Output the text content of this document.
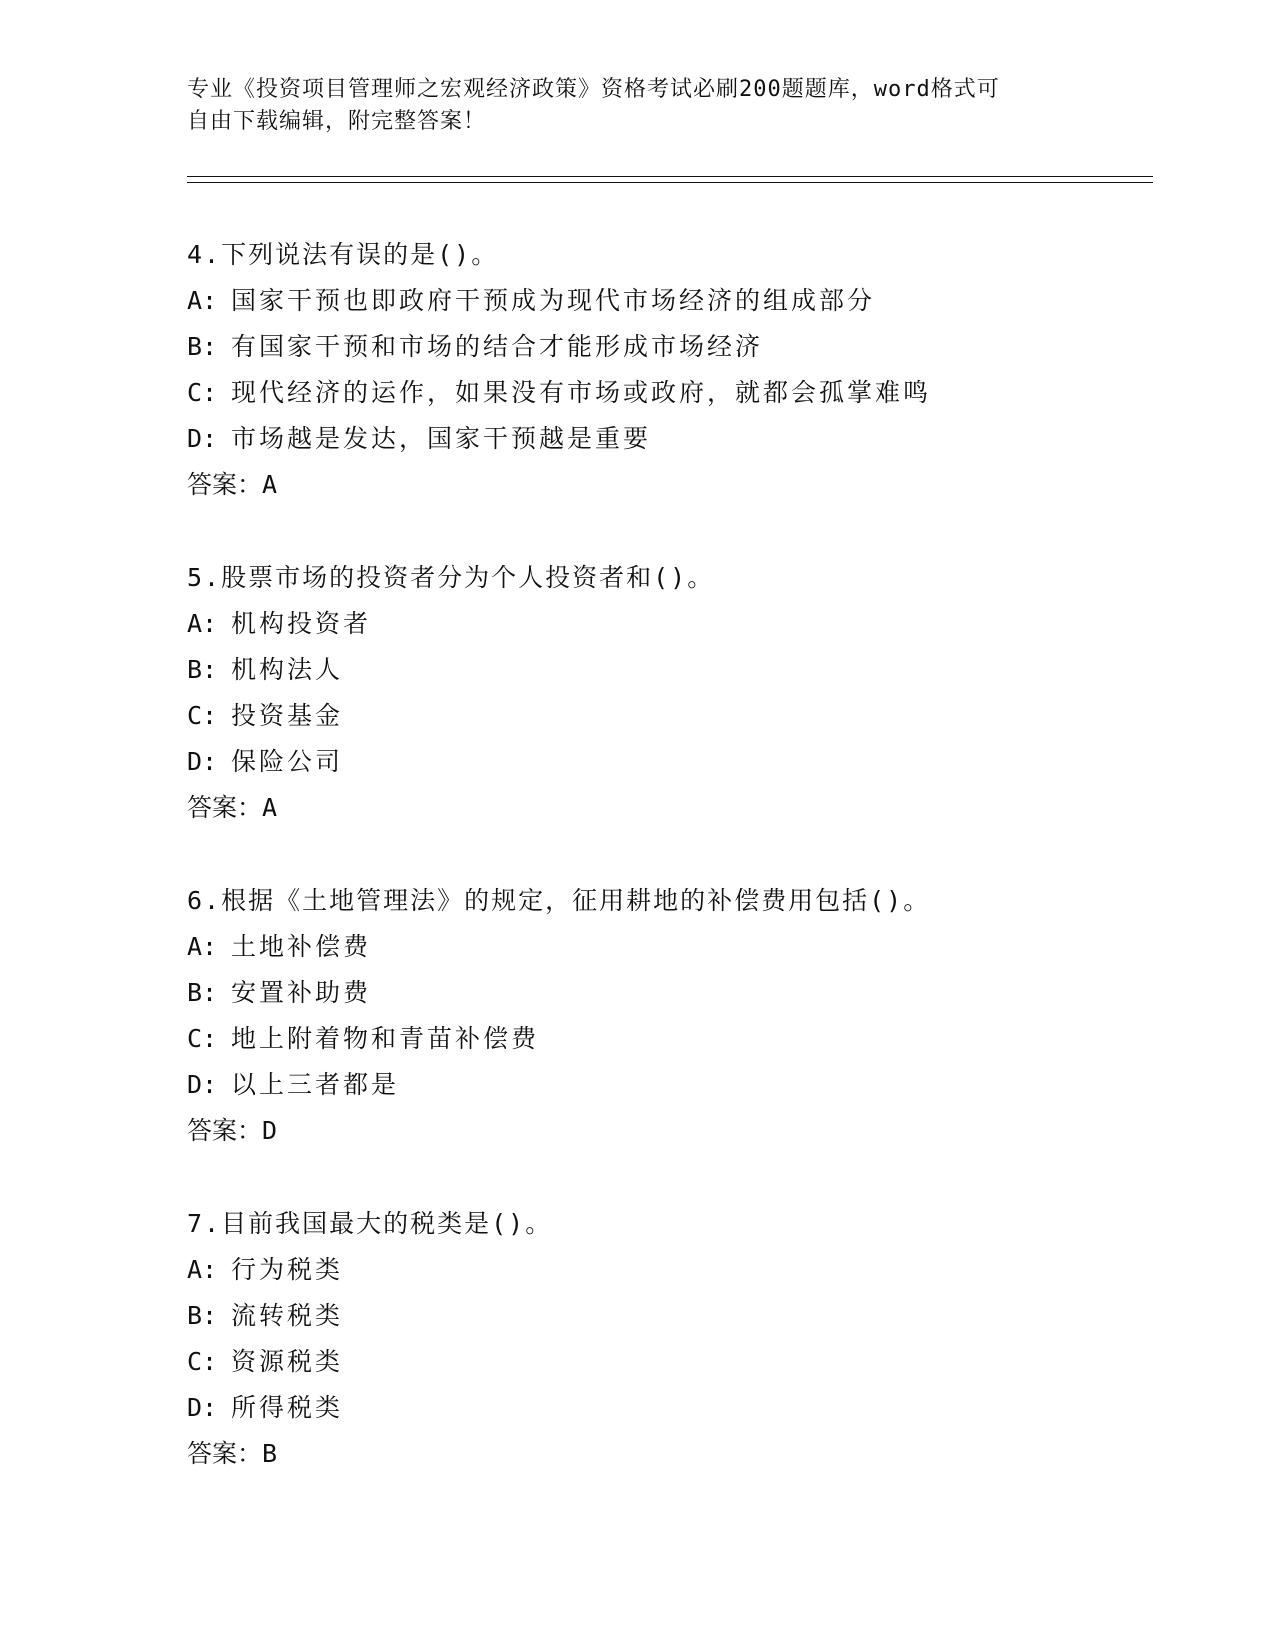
专业《投资项目管理师之宏观经济政策》资格考试必刷200题题库，word格式可
自由下载编辑，附完整答案！
4.下列说法有误的是()。
A: 国家干预也即政府干预成为现代市场经济的组成部分
B: 有国家干预和市场的结合才能形成市场经济
C: 现代经济的运作，如果没有市场或政府，就都会孤掌难鸣
D: 市场越是发达，国家干预越是重要
答案：A
5.股票市场的投资者分为个人投资者和()。
A: 机构投资者
B: 机构法人
C: 投资基金
D: 保险公司
答案：A
6.根据《土地管理法》的规定，征用耕地的补偿费用包括()。
A: 土地补偿费
B: 安置补助费
C: 地上附着物和青苗补偿费
D: 以上三者都是
答案：D
7.目前我国最大的税类是()。
A: 行为税类
B: 流转税类
C: 资源税类
D: 所得税类
答案：B
